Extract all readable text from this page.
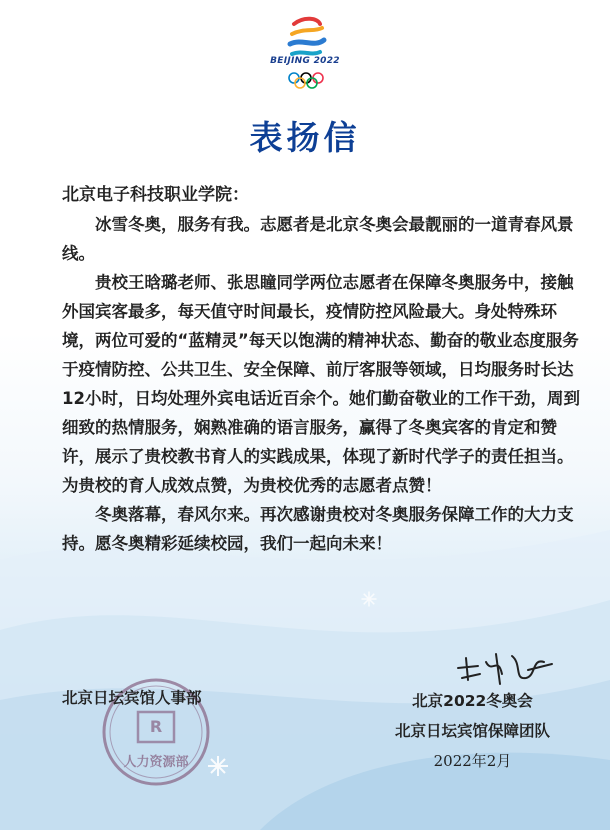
BEIJING 2022
表扬信
北京电子科技职业学院：

冰雪冬奥，服务有我。志愿者是北京冬奥会最靓丽的一道青春风景线。

贵校王晗璐老师、张思瞳同学两位志愿者在保障冬奥服务中，接触外国宾客最多，每天值守时间最长，疫情防控风险最大。身处特殊环境，两位可爱的“蓝精灵”每天以饱满的精神状态、勤奋的敬业态度服务于疫情防控、公共卫生、安全保障、前厅客服等领域，日均服务时长达12小时，日均处理外宾电话近百余个。她们勤奋敬业的工作干劲，周到细致的热情服务，娴熟准确的语言服务，赢得了冬奥宾客的肯定和赞许，展示了贵校教书育人的实践成果，体现了新时代学子的责任担当。为贵校的育人成效点赞，为贵校优秀的志愿者点赞！

冬奥落幕，春风尔来。再次感谢贵校对冬奥服务保障工作的大力支持。愿冬奥精彩延续校园，我们一起向未来！

R
人力资源部
北京日坛宾馆人事部	北京2022冬奥会
北京日坛宾馆保障团队
2022年2月
